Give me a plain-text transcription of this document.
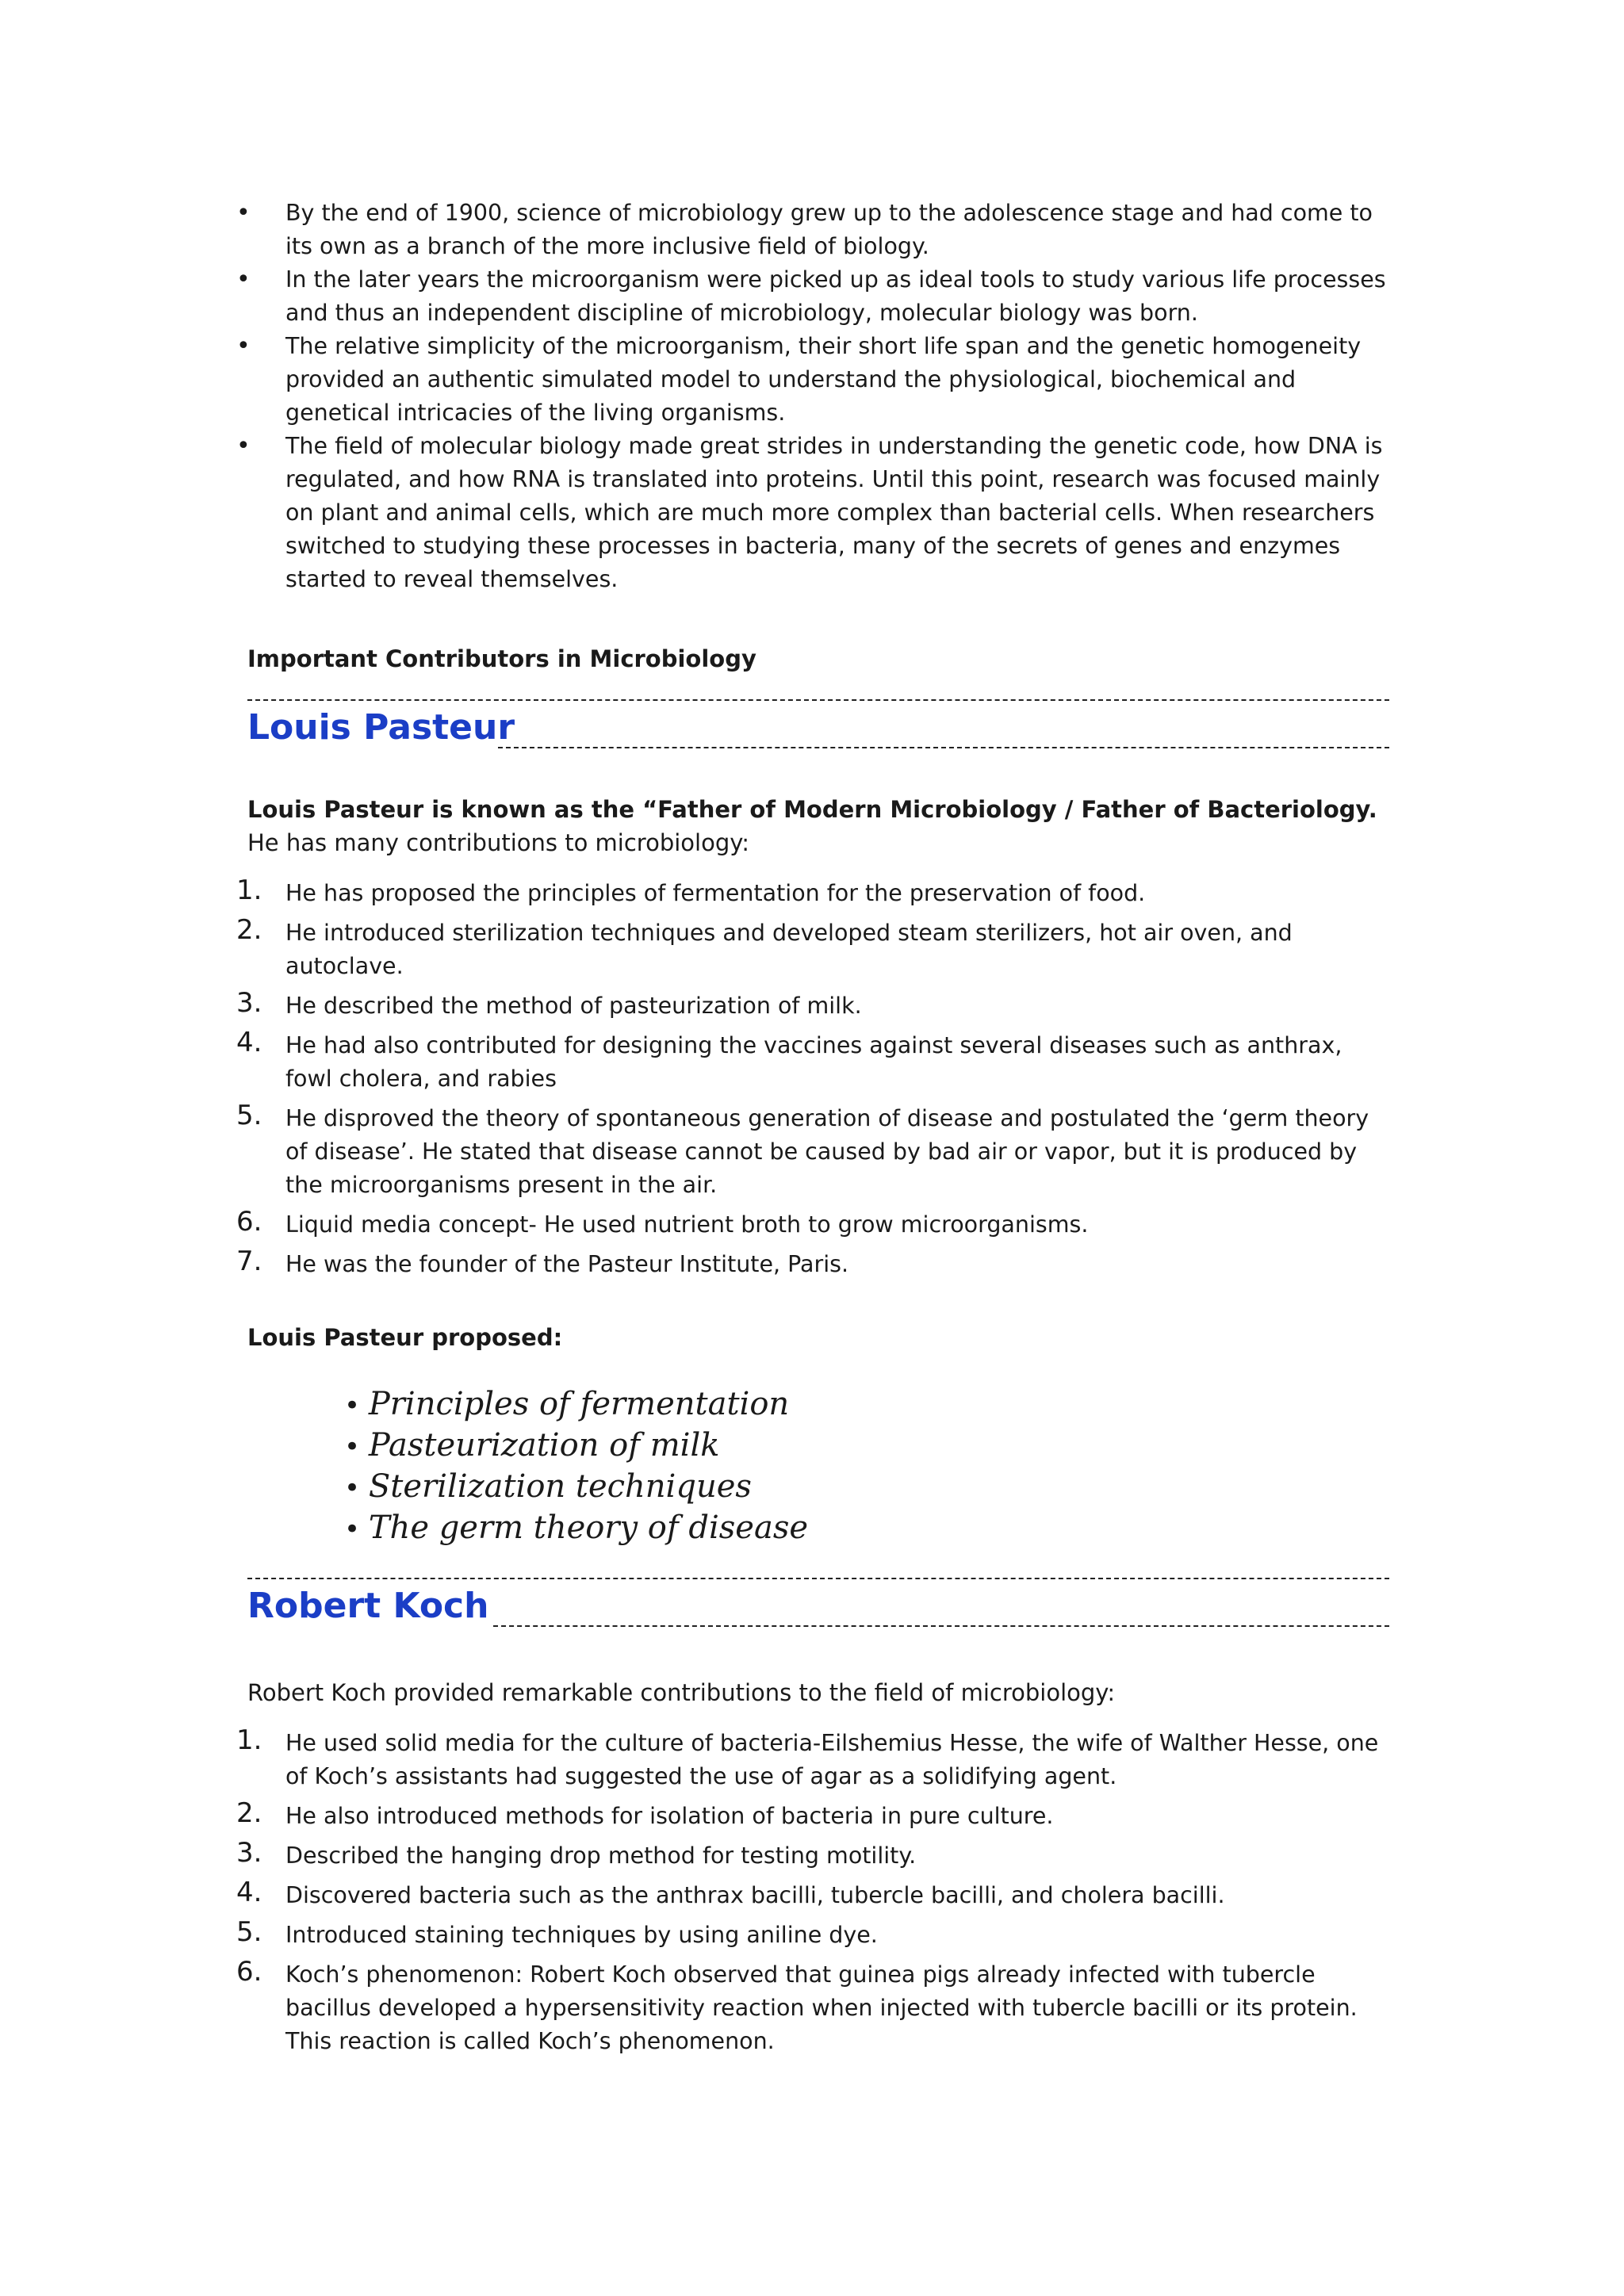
• By the end of 1900, science of microbiology grew up to the adolescence stage and had come to its own as a branch of the more inclusive field of biology.
• In the later years the microorganism were picked up as ideal tools to study various life processes and thus an independent discipline of microbiology, molecular biology was born.
• The relative simplicity of the microorganism, their short life span and the genetic homogeneity provided an authentic simulated model to understand the physiological, biochemical and genetical intricacies of the living organisms.
• The field of molecular biology made great strides in understanding the genetic code, how DNA is regulated, and how RNA is translated into proteins. Until this point, research was focused mainly on plant and animal cells, which are much more complex than bacterial cells. When researchers switched to studying these processes in bacteria, many of the secrets of genes and enzymes started to reveal themselves.
Important Contributors in Microbiology
Louis Pasteur
Louis Pasteur is known as the “Father of Modern Microbiology / Father of Bacteriology. He has many contributions to microbiology:
1. He has proposed the principles of fermentation for the preservation of food.
2. He introduced sterilization techniques and developed steam sterilizers, hot air oven, and autoclave.
3. He described the method of pasteurization of milk.
4. He had also contributed for designing the vaccines against several diseases such as anthrax, fowl cholera, and rabies
5. He disproved the theory of spontaneous generation of disease and postulated the ‘germ theory of disease’. He stated that disease cannot be caused by bad air or vapor, but it is produced by the microorganisms present in the air.
6. Liquid media concept- He used nutrient broth to grow microorganisms.
7. He was the founder of the Pasteur Institute, Paris.
Louis Pasteur proposed:
• Principles of fermentation
• Pasteurization of milk
• Sterilization techniques
• The germ theory of disease
Robert Koch
Robert Koch provided remarkable contributions to the field of microbiology:
1. He used solid media for the culture of bacteria-Eilshemius Hesse, the wife of Walther Hesse, one of Koch’s assistants had suggested the use of agar as a solidifying agent.
2. He also introduced methods for isolation of bacteria in pure culture.
3. Described the hanging drop method for testing motility.
4. Discovered bacteria such as the anthrax bacilli, tubercle bacilli, and cholera bacilli.
5. Introduced staining techniques by using aniline dye.
6. Koch’s phenomenon: Robert Koch observed that guinea pigs already infected with tubercle bacillus developed a hypersensitivity reaction when injected with tubercle bacilli or its protein. This reaction is called Koch’s phenomenon.
